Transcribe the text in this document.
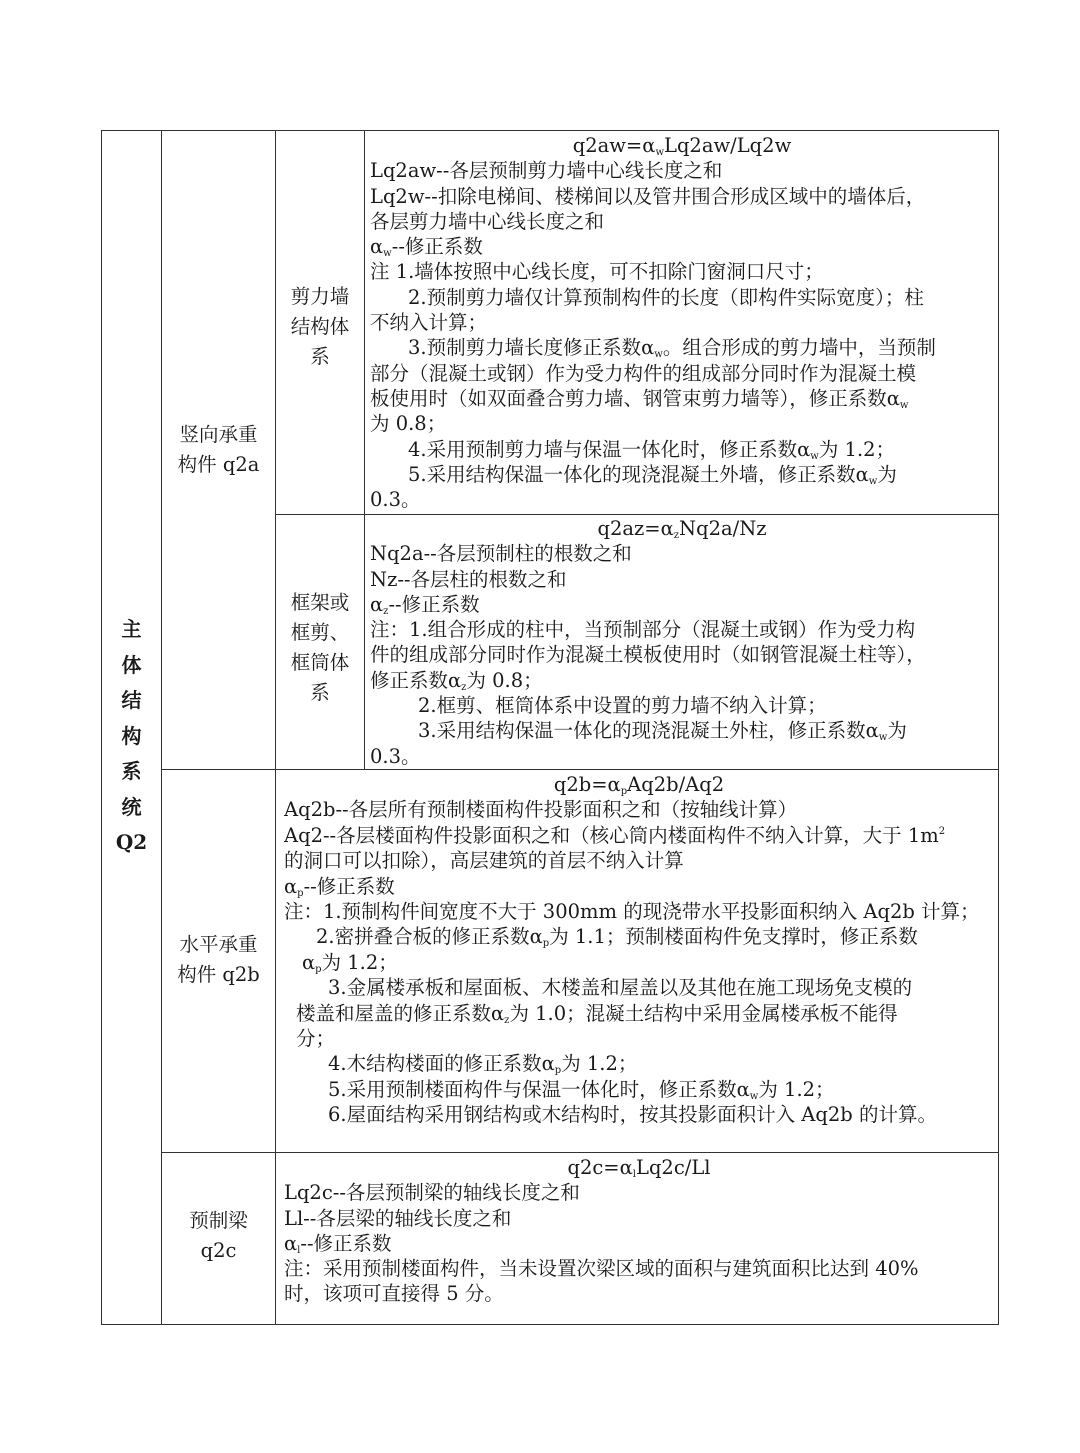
主
体
结
构
系
统
Q2
竖向承重
构件 q2a
剪力墙
结构体
系
$q2aw=\alpha_wLq2aw/Lq2w$
Lq2aw--各层预制剪力墙中心线长度之和
Lq2w--扣除电梯间、楼梯间以及管井围合形成区域中的墙体后，
各层剪力墙中心线长度之和
$\alpha_w--$修正系数
注 1.墙体按照中心线长度，可不扣除门窗洞口尺寸；
2.预制剪力墙仅计算预制构件的长度（即构件实际宽度）；柱
不纳入计算；
3.预制剪力墙长度修正系数$\alpha_w$。组合形成的剪力墙中，当预制
部分（混凝土或钢）作为受力构件的组成部分同时作为混凝土模
板使用时（如双面叠合剪力墙、钢管束剪力墙等），修正系数$\alpha_w$
为 0.8；
4.采用预制剪力墙与保温一体化时，修正系数$\alpha_w$为 1.2；
5.采用结构保温一体化的现浇混凝土外墙，修正系数$\alpha_w$为
0.3。
框架或
框剪、
框筒体
系
$q2az=\alpha_zNq2a/Nz$
Nq2a--各层预制柱的根数之和
Nz--各层柱的根数之和
$\alpha_z--$修正系数
注：1.组合形成的柱中，当预制部分（混凝土或钢）作为受力构
件的组成部分同时作为混凝土模板使用时（如钢管混凝土柱等），
修正系数$\alpha_z$为 0.8；
2.框剪、框筒体系中设置的剪力墙不纳入计算；
3.采用结构保温一体化的现浇混凝土外柱，修正系数$\alpha_w$为
0.3。
水平承重
构件 q2b
$q2b=\alpha_pAq2b/Aq2$
Aq2b--各层所有预制楼面构件投影面积之和（按轴线计算）
Aq2--各层楼面构件投影面积之和（核心筒内楼面构件不纳入计算，大于 $1m^2$
的洞口可以扣除），高层建筑的首层不纳入计算
$\alpha_p--$修正系数
注：1.预制构件间宽度不大于 300mm 的现浇带水平投影面积纳入 Aq2b 计算；
2.密拼叠合板的修正系数$\alpha_p$为 1.1；预制楼面构件免支撑时，修正系数
$\alpha_p$为 1.2；
3.金属楼承板和屋面板、木楼盖和屋盖以及其他在施工现场免支模的
楼盖和屋盖的修正系数$\alpha_z$为 1.0；混凝土结构中采用金属楼承板不能得
分；
4.木结构楼面的修正系数$\alpha_p$为 1.2；
5.采用预制楼面构件与保温一体化时，修正系数$\alpha_w$为 1.2；
6.屋面结构采用钢结构或木结构时，按其投影面积计入 Aq2b 的计算。
预制梁
q2c
$q2c=\alpha_lLq2c/Ll$
Lq2c--各层预制梁的轴线长度之和
Ll--各层梁的轴线长度之和
$\alpha_l--$修正系数
注：采用预制楼面构件，当未设置次梁区域的面积与建筑面积比达到 40%
时，该项可直接得 5 分。
